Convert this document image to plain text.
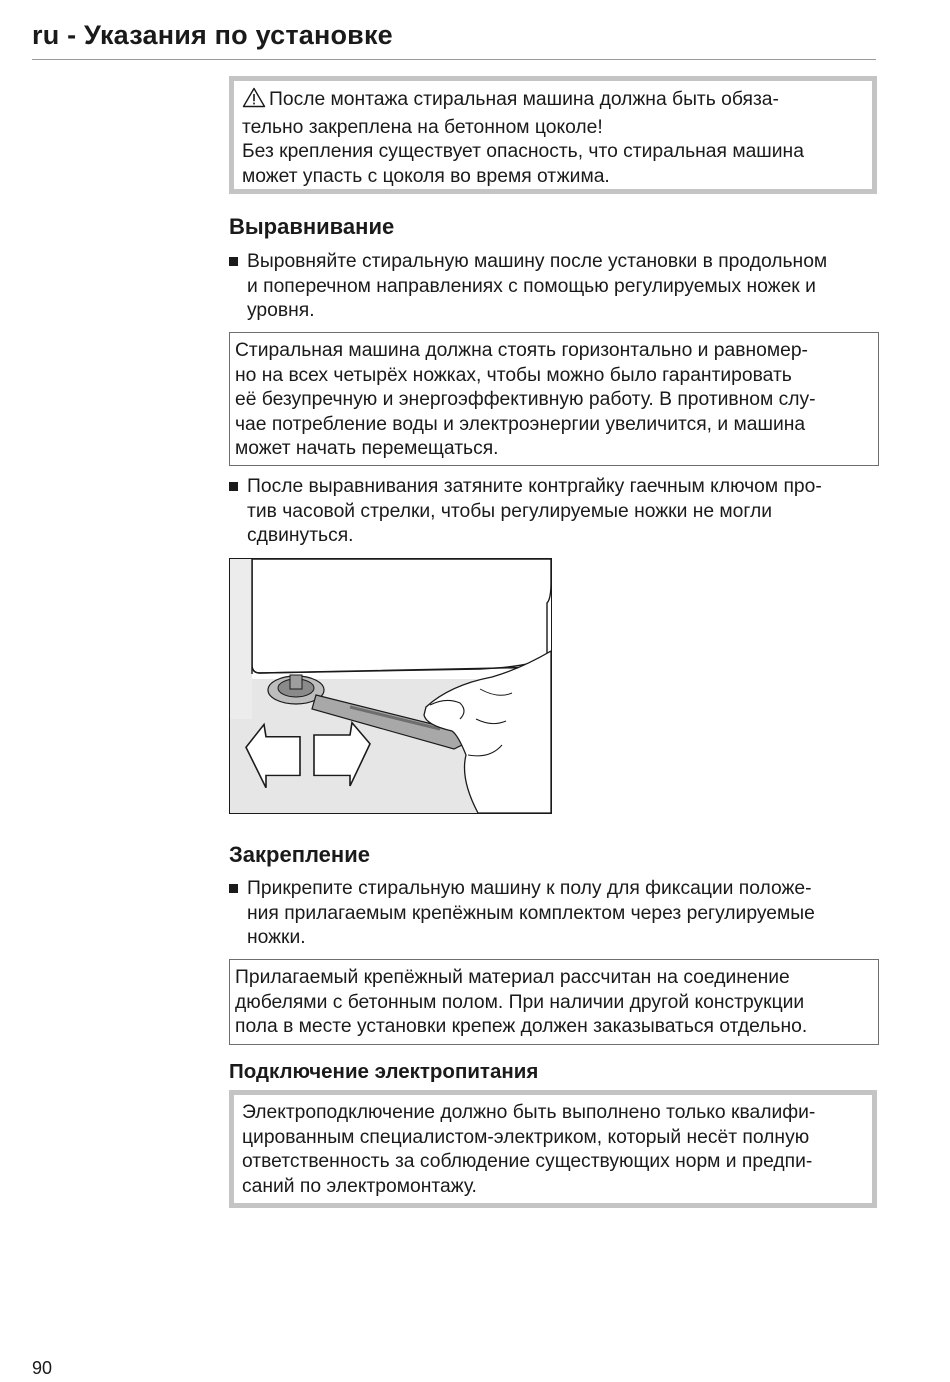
ru - Указания по установке

После монтажа стиральная машина должна быть обяза-

тельно закреплена на бетонном цоколе!

Без крепления существует опасность, что стиральная машина

может упасть с цоколя во время отжима.

Выравнивание

Выровняйте стиральную машину после установки в продольном

и поперечном направлениях с помощью регулируемых ножек и

уровня.

Стиральная машина должна стоять горизонтально и равномер-

но на всех четырёх ножках, чтобы можно было гарантировать

её безупречную и энергоэффективную работу. В противном слу-

чае потребление воды и электроэнергии увеличится, и машина

может начать перемещаться.

После выравнивания затяните контргайку гаечным ключом про-

тив часовой стрелки, чтобы регулируемые ножки не могли

сдвинуться.

Закрепление

Прикрепите стиральную машину к полу для фиксации положе-

ния прилагаемым крепёжным комплектом через регулируемые

ножки.

Прилагаемый крепёжный материал рассчитан на соединение

дюбелями с бетонным полом. При наличии другой конструкции

пола в месте установки крепеж должен заказываться отдельно.

Подключение электропитания

Электроподключение должно быть выполнено только квалифи-

цированным специалистом-электриком, который несёт полную

ответственность за соблюдение существующих норм и предпи-

саний по электромонтажу.

90
